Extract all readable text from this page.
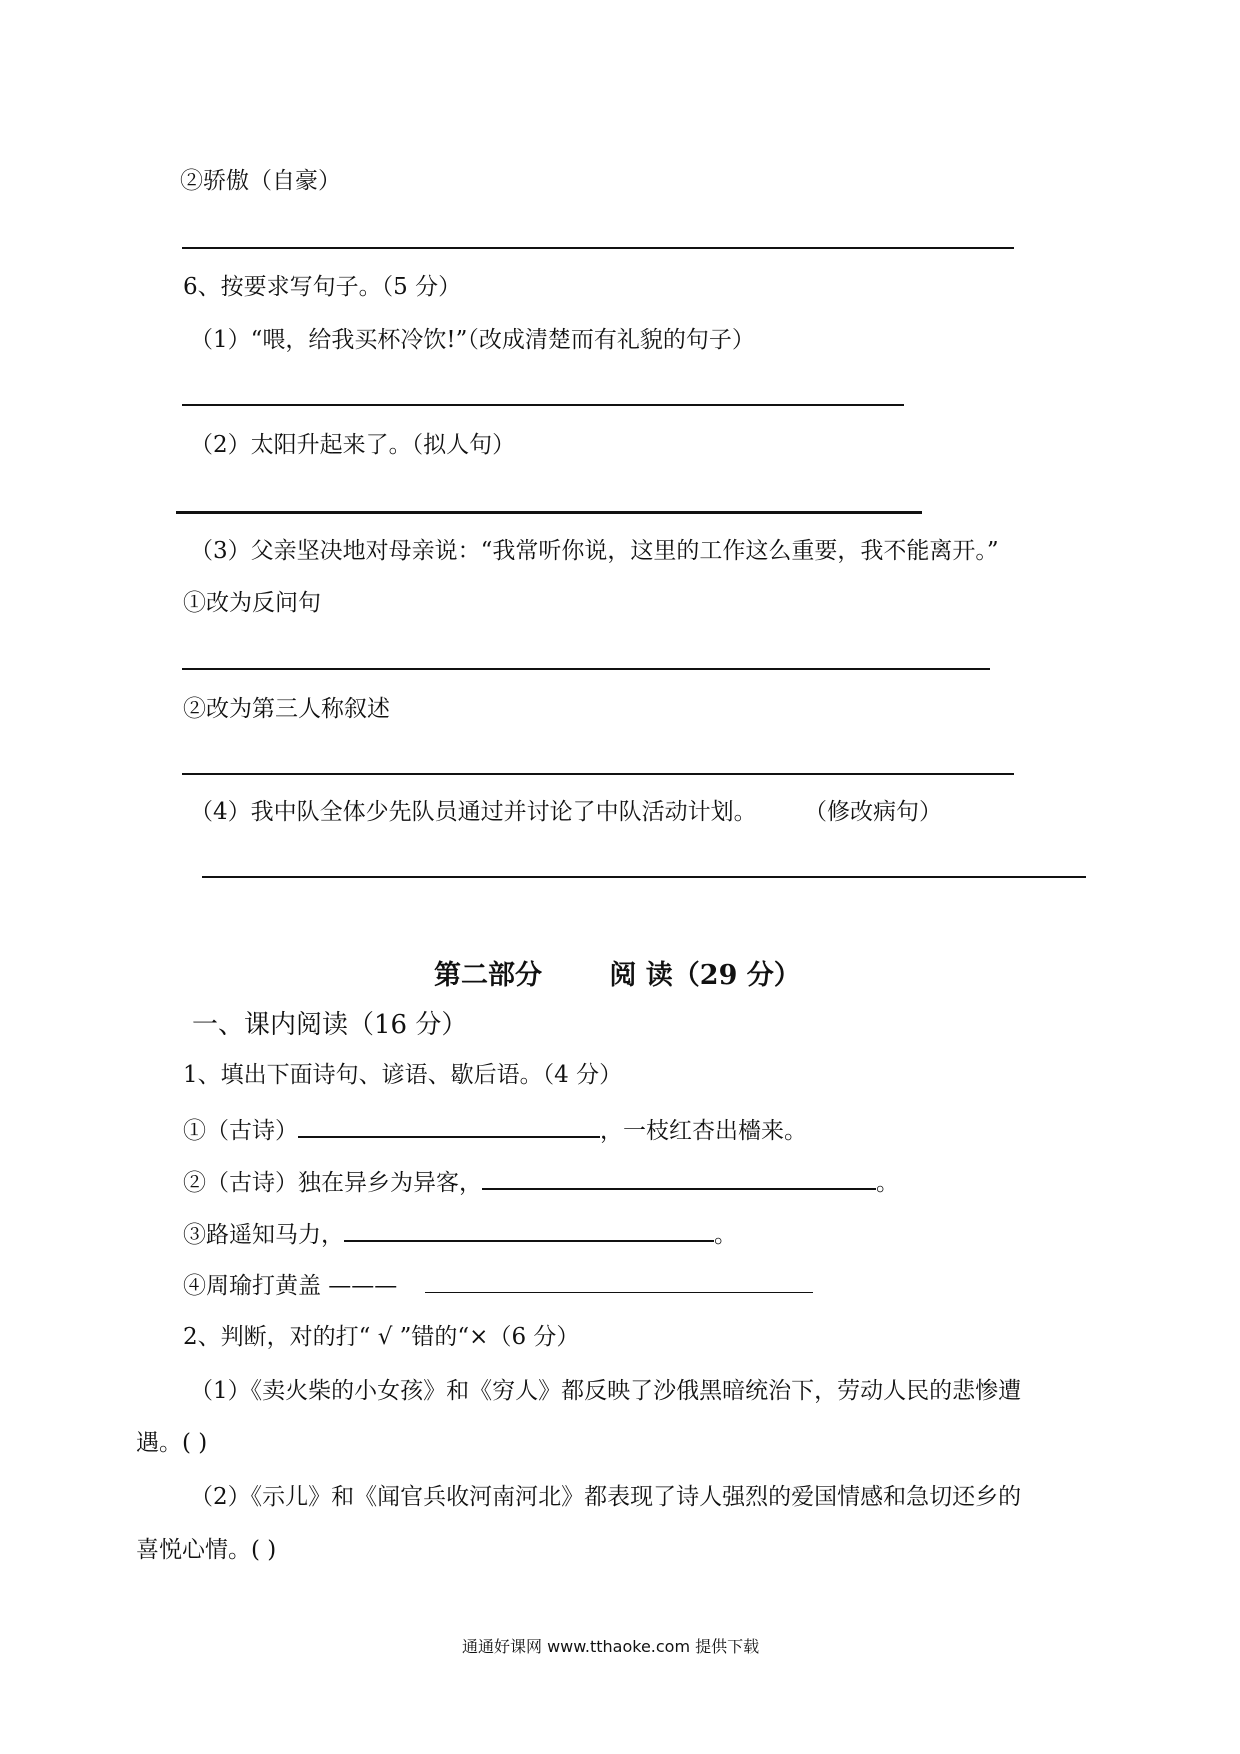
②骄傲（自豪）
6、按要求写句子。（5 分）
（1）“喂，给我买杯冷饮!”（改成清楚而有礼貌的句子）
（2）太阳升起来了。（拟人句）
（3）父亲坚决地对母亲说：“我常听你说，这里的工作这么重要，我不能离开。”
①改为反问句
②改为第三人称叙述
（4）我中队全体少先队员通过并讨论了中队活动计划。 （修改病句）
第二部分 阅 读（29 分）
一、课内阅读（16 分）
1、填出下面诗句、谚语、歇后语。（4 分）
①（古诗）	，一枝红杏出檣来。
②（古诗）独在异乡为异客，	。
③路遥知马力，	。
④周瑜打黄盖 ———
2、判断，对的打“ √ ”错的“×（6 分）
（1）《卖火柴的小女孩》和《穷人》都反映了沙俄黑暗统治下，劳动人民的悲惨遭
遇。( )
（2）《示儿》和《闻官兵收河南河北》都表现了诗人强烈的爱国情感和急切还乡的
喜悦心情。( )
通通好课网 www.tthaoke.com 提供下载
